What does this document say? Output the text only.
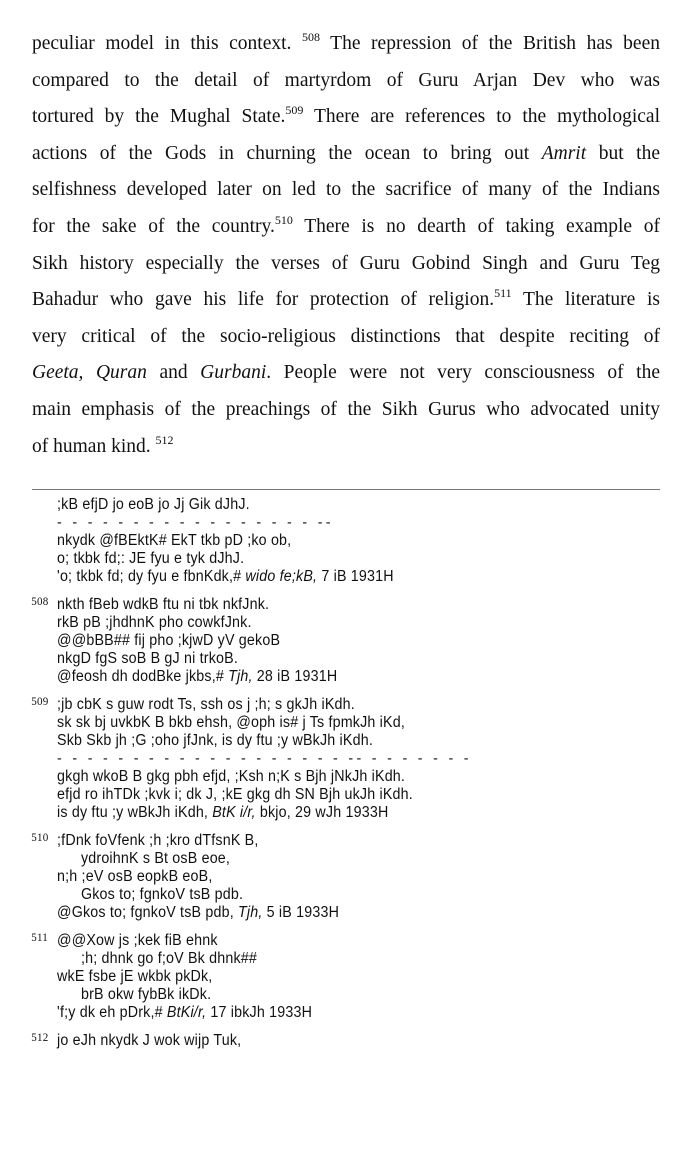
peculiar model in this context. $^{508}$ The repression of the British has been
compared to the detail of martyrdom of Guru Arjan Dev who was
tortured by the Mughal State.$^{509}$ There are references to the mythological
actions of the Gods in churning the ocean to bring out Amrit but the
selfishness developed later on led to the sacrifice of many of the Indians
for the sake of the country.$^{510}$ There is no dearth of taking example of
Sikh history especially the verses of Guru Gobind Singh and Guru Teg
Bahadur who gave his life for protection of religion.$^{511}$ The literature is
very critical of the socio-religious distinctions that despite reciting of
Geeta, Quran and Gurbani. People were not very consciousness of the
main emphasis of the preachings of the Sikh Gurus who advocated unity
of human kind. $^{512}$
;kB efjD jo eoB jo Jj Gik dJhJ.
- - - - - - - - - - - - - - - - - --
nkydk @fBEktK# EkT tkb pD ;ko ob,
o; tkbk fd;: JE fyu e tyk dJhJ.
'o; tkbk fd; dy fyu e fbnKdk,# wido fe;kB, 7 iB 1931H
508 nkth fBeb wdkB ftu ni tbk nkfJnk.
rkB pB ;jhdhnK pho cowkfJnk.
@@bBB## fij pho ;kjwD yV gekoB
nkgD fgS soB B gJ ni trkoB.
@feosh dh dodBke jkbs,# Tjh, 28 iB 1931H
509 ;jb cbK s guw rodt Ts, ssh os j ;h; s gkJh iKdh.
sk sk bj uvkbK B bkb ehsh, @oph is# j Ts fpmkJh iKd,
Skb Skb jh ;G ;oho jfJnk, is dy ftu ;y wBkJh iKdh.
- - - - - - - - - - - - - - - - - - - -- - - - - - - -
gkgh wkoB B gkg pbh efjd, ;Ksh n;K s Bjh jNkJh iKdh.
efjd ro ihTDk ;kvk i; dk J, ;kE gkg dh SN Bjh ukJh iKdh.
is dy ftu ;y wBkJh iKdh, BtK i/r, bkjo, 29 wJh 1933H
510 ;fDnk foVfenk ;h ;kro dTfsnK B,
ydroihnK s Bt osB eoe,
n;h ;eV osB eopkB eoB,
Gkos to; fgnkoV tsB pdb.
@Gkos to; fgnkoV tsB pdb, Tjh, 5 iB 1933H
511 @@Xow js ;kek fiB ehnk
;h; dhnk go f;oV Bk dhnk##
wkE fsbe jE wkbk pkDk,
brB okw fybBk ikDk.
'f;y dk eh pDrk,# BtKi/r, 17 ibkJh 1933H
512 jo eJh nkydk J wok wijp Tuk,
